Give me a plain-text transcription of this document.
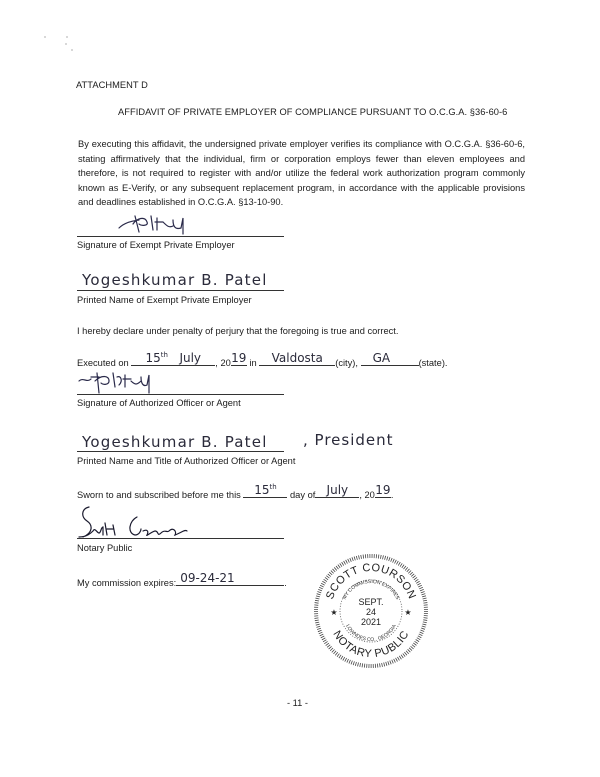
ATTACHMENT D
AFFIDAVIT OF PRIVATE EMPLOYER OF COMPLIANCE PURSUANT TO O.C.G.A. §36-60-6
By executing this affidavit, the undersigned private employer verifies its compliance with O.C.G.A. §36-60-6, stating affirmatively that the individual, firm or corporation employs fewer than eleven employees and therefore, is not required to register with and/or utilize the federal work authorization program commonly known as E-Verify, or any subsequent replacement program, in accordance with the applicable provisions and deadlines established in O.C.G.A. §13-10-90.
Signature of Exempt Private Employer
Yogeshkumar B. Patel
Printed Name of Exempt Private Employer
I hereby declare under penalty of perjury that the foregoing is true and correct.
Executed on	15th July	, 20 19 in	Valdosta	(city),	GA	(state).
Signature of Authorized Officer or Agent
Yogeshkumar B. Patel , President
Printed Name and Title of Authorized Officer or Agent
Sworn to and subscribed before me this	15th
day of July	, 20 19 .
Notary Public
My commission expires: 09-24-21	.
SCOTT COURSON
NOTARY PUBLIC
MY COMMISSION EXPIRES
LOWNDES CO., GEORGIA
SEPT.
24
2021
★	★
- 11 -
